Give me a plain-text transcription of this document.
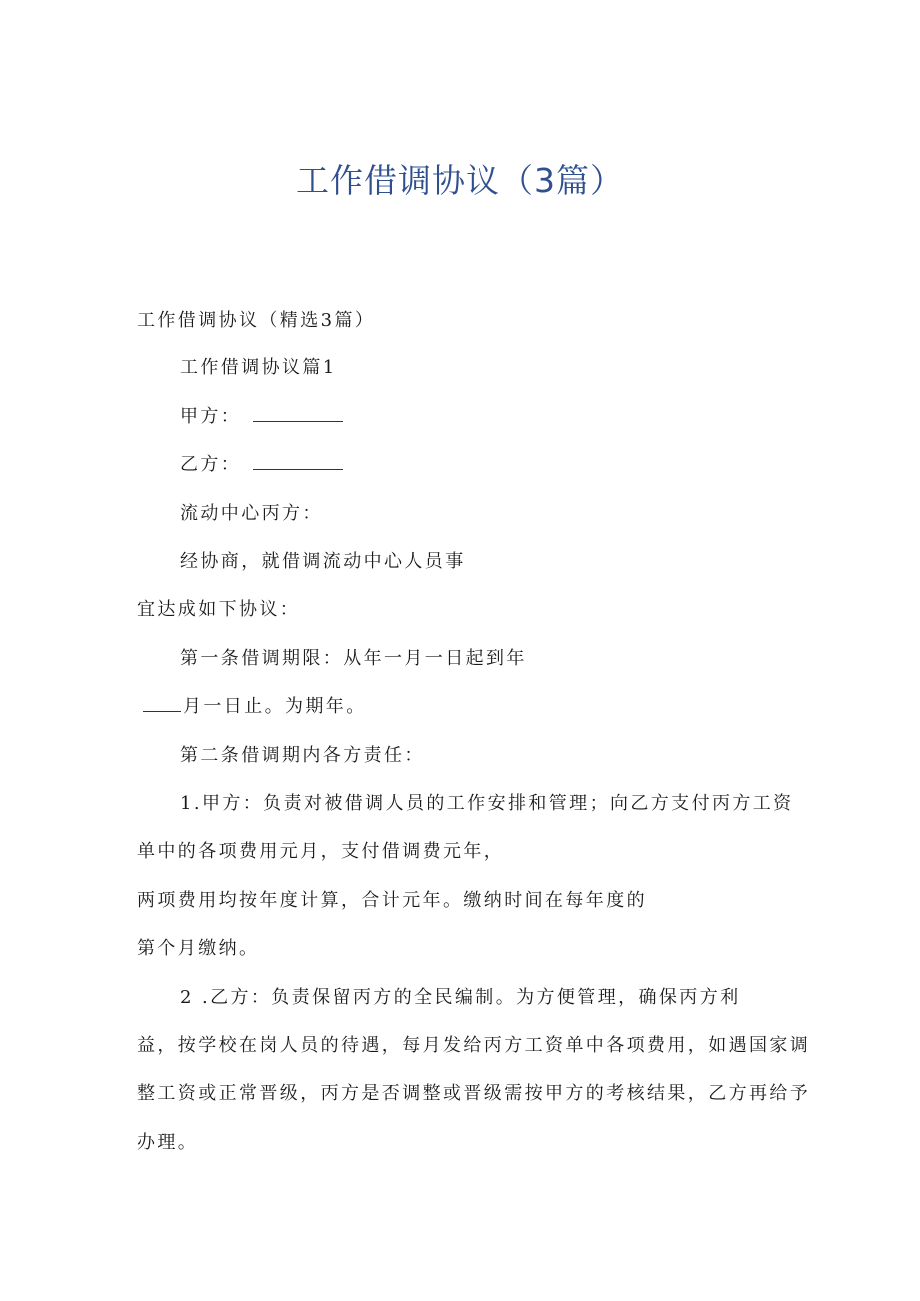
工作借调协议（3篇）
工作借调协议（精选3篇）
工作借调协议篇1
甲方：
乙方：
流动中心丙方：
经协商，就借调流动中心人员事
宜达成如下协议：
第一条借调期限：从年一月一日起到年
月一日止。为期年。
第二条借调期内各方责任：
1.甲方：负责对被借调人员的工作安排和管理；向乙方支付丙方工资
单中的各项费用元月，支付借调费元年，
两项费用均按年度计算，合计元年。缴纳时间在每年度的
第个月缴纳。
2 .乙方：负责保留丙方的全民编制。为方便管理，确保丙方利
益，按学校在岗人员的待遇，每月发给丙方工资单中各项费用，如遇国家调
整工资或正常晋级，丙方是否调整或晋级需按甲方的考核结果，乙方再给予
办理。
